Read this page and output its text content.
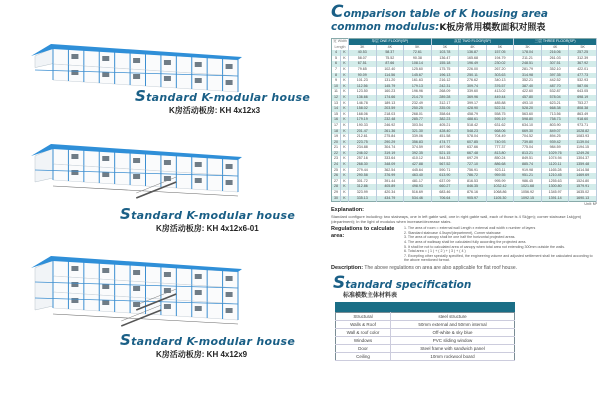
Standard K-modular house
K房活动板房: KH 4x12x3
Standard K-modular house
K房活动板房: KH 4x12x6-01
Standard K-modular house
K房活动板房: KH 4x12x9
Comparison table of K housing area
common modulus:K板房常用模数面积对照表
宽 Width		单层 ONE FLOOR(SP)			双层 TWO FLOOR(SP)			三层 THREE FLOOR(SP)		
Length		3K	4K	5K	3K	4K	5K	3K	4K	5K
4	K	40.53	58.37	72.61	103.78	136.87	157.05	178.04	216.06	257.25
5	K	58.07	75.52	90.38	136.47	165.68	194.79	211.21	261.03	312.39
6	K	67.51	87.66	108.14	155.18	196.49	230.02	248.51	307.51	367.92
7	K	79.65	102.40	125.60	175.75	226.00	267.20	281.79	352.10	422.01
8	K	90.09	114.56	145.67	196.13	250.11	303.63	314.98	397.35	477.73
9	K	101.23	131.20	161.63	216.12	276.62	340.13	352.21	442.52	532.93
10	K	112.56	145.79	179.13	242.31	309.74	376.57	387.40	487.70	587.06
11	K	123.50	160.23	196.96	268.09	339.60	413.02	422.60	532.87	643.05
12	K	136.66	174.66	214.70	289.28	369.96	449.44	457.80	578.04	698.19
13	K	146.78	189.13	232.49	312.17	399.17	485.88	493.10	623.21	753.27
14	K	158.02	203.59	250.25	335.05	428.90	522.31	528.20	668.38	808.38
15	K	168.06	218.03	268.01	358.64	458.79	558.75	563.60	713.56	863.49
16	K	179.19	232.48	285.77	382.23	488.61	595.19	598.80	758.73	918.60
17	K	190.33	246.92	303.54	405.21	518.42	631.62	634.10	803.90	973.71
18	K	201.47	261.36	321.30	428.40	548.23	668.06	669.30	849.07	1028.82
19	K	212.61	275.84	339.06	451.58	578.04	704.49	704.52	894.25	1083.93
20	K	223.75	290.29	356.83	474.77	607.85	740.93	739.80	939.42	1139.04
21	K	234.88	304.74	374.59	497.96	637.66	777.37	775.04	984.59	1194.15
22	K	246.02	319.19	392.35	521.15	667.48	813.80	813.21	1029.76	1249.26
23	K	257.16	333.64	410.12	544.33	697.29	850.24	849.51	1074.94	1304.37
24	K	268.30	348.09	427.88	567.52	727.10	886.68	885.74	1120.11	1359.48
25	K	279.44	362.54	445.64	590.71	756.91	923.11	919.98	1165.28	1414.58
26	K	290.58	376.99	463.40	613.90	786.72	959.55	951.21	1210.45	1469.69
27	K	301.72	391.44	481.17	637.09	816.53	995.99	986.45	1255.63	1524.80
28	K	312.86	405.89	498.93	660.27	846.35	1032.42	1021.68	1300.80	1579.91
29	K	323.99	420.34	516.69	683.46	876.16	1068.86	1056.92	1345.97	1635.02
30	K	335.13	434.79	534.46	706.64	905.97	1105.30	1092.15	1391.14	1690.13
Unit: M²
Explanation:
Standard configure including: two stairways, one in left gable wall, one in right gable wall, each of those is 4 Sk(gm); corner staircase 1sk(gm)(department); In the light of modulus when increase/decrease stairs.
Regulations to calculate area:
1. The area of room = external wall Length x external wall width x number of layers
2. Standard staircase 4.5sqm/(department), Corner staircase
3. The area of canopy shall be one half the horizontal projected areas.
4. The area of walkway shall be calculated fully according the projected area.
5. It shall be not to calculated area of canopy when total area not extending 300mm outside the walls.
6. Total area = ( 1 ) + ( 2 ) + ( 3 ) + ( 4 )
7. Excepting other specially specified, the engineering volume and adjusted settlement shall be calculated according to the above mentioned format.
Description: The above regulations on area are also applicable for flat roof house.
Standard specification
标准模数主体材料表
Structural	steel structure
Walls & Roof	50mm external and 50mm internal
Wall & roof color	Off-white & sky blue
Windows	PVC sliding window
Door	Steel frame with sandwich panel
Ceiling	10mm rockwool board
